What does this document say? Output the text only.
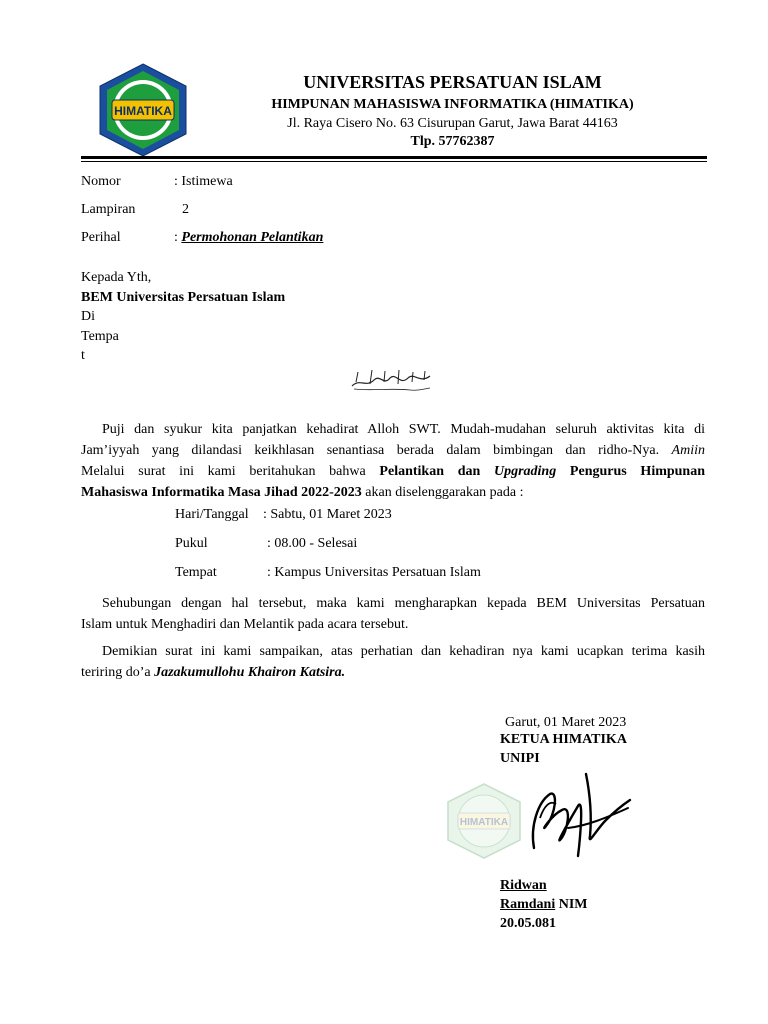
HIMATIKA
UNIVERSITAS PERSATUAN ISLAM
HIMPUNAN MAHASISWA INFORMATIKA (HIMATIKA)
Jl. Raya Cisero No. 63 Cisurupan Garut, Jawa Barat 44163
Tlp. 57762387
Nomor	: Istimewa
Lampiran	2
Perihal	: Permohonan Pelantikan
Kepada Yth,
BEM Universitas Persatuan Islam
Di
Tempa
t
Puji dan syukur kita panjatkan kehadirat Alloh SWT. Mudah-mudahan seluruh aktivitas kita di
Jam’iyyah yang dilandasi keikhlasan senantiasa berada dalam bimbingan dan ridho-Nya. Amiin
Melalui surat ini kami beritahukan bahwa Pelantikan dan Upgrading Pengurus Himpunan
Mahasiswa Informatika Masa Jihad 2022-2023 akan diselenggarakan pada :
Hari/Tanggal : Sabtu, 01 Maret 2023
Pukul	: 08.00 - Selesai
Tempat	: Kampus Universitas Persatuan Islam
Sehubungan dengan hal tersebut, maka kami mengharapkan kepada BEM Universitas Persatuan
Islam untuk Menghadiri dan Melantik pada acara tersebut.
Demikian surat ini kami sampaikan, atas perhatian dan kehadiran nya kami ucapkan terima kasih
teriring do’a Jazakumullohu Khairon Katsira.
Garut, 01 Maret 2023
KETUA HIMATIKA
UNIPI
HIMATIKA
Ridwan
Ramdani NIM
20.05.081
